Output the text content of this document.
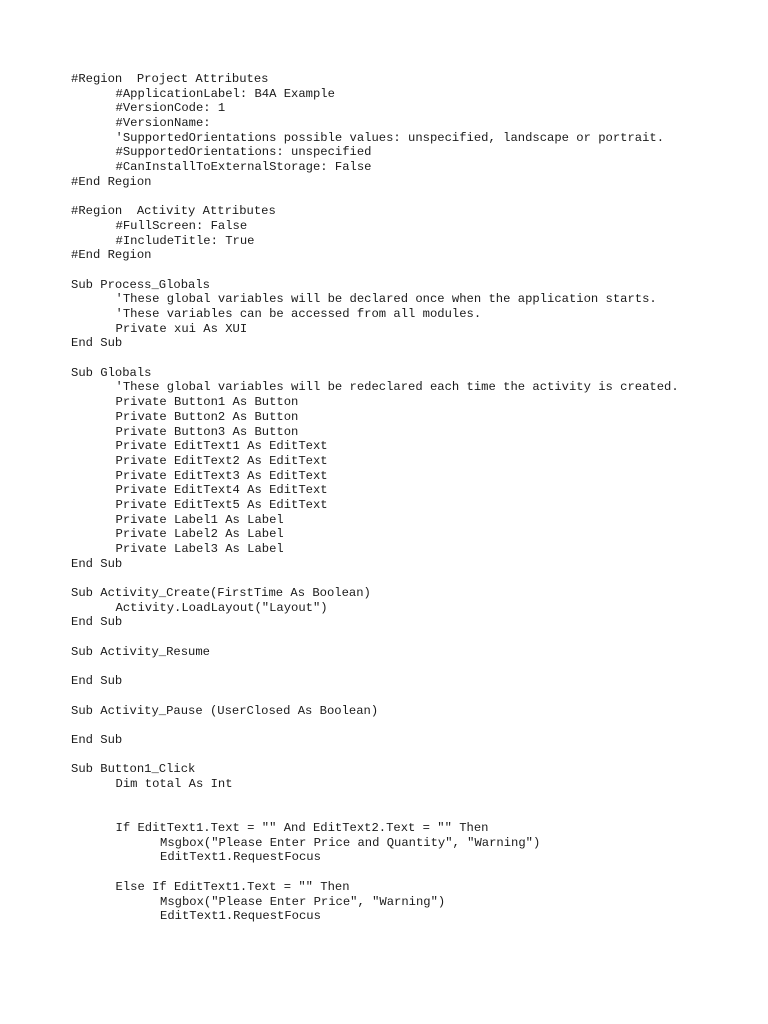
#Region  Project Attributes
#ApplicationLabel: B4A Example
#VersionCode: 1
#VersionName:
'SupportedOrientations possible values: unspecified, landscape or portrait.
#SupportedOrientations: unspecified
#CanInstallToExternalStorage: False
#End Region
#Region  Activity Attributes
#FullScreen: False
#IncludeTitle: True
#End Region
Sub Process_Globals
'These global variables will be declared once when the application starts.
'These variables can be accessed from all modules.
Private xui As XUI
End Sub
Sub Globals
'These global variables will be redeclared each time the activity is created.
Private Button1 As Button
Private Button2 As Button
Private Button3 As Button
Private EditText1 As EditText
Private EditText2 As EditText
Private EditText3 As EditText
Private EditText4 As EditText
Private EditText5 As EditText
Private Label1 As Label
Private Label2 As Label
Private Label3 As Label
End Sub
Sub Activity_Create(FirstTime As Boolean)
Activity.LoadLayout("Layout")
End Sub
Sub Activity_Resume
End Sub
Sub Activity_Pause (UserClosed As Boolean)
End Sub
Sub Button1_Click
Dim total As Int
If EditText1.Text = "" And EditText2.Text = "" Then
Msgbox("Please Enter Price and Quantity", "Warning")
EditText1.RequestFocus
Else If EditText1.Text = "" Then
Msgbox("Please Enter Price", "Warning")
EditText1.RequestFocus
